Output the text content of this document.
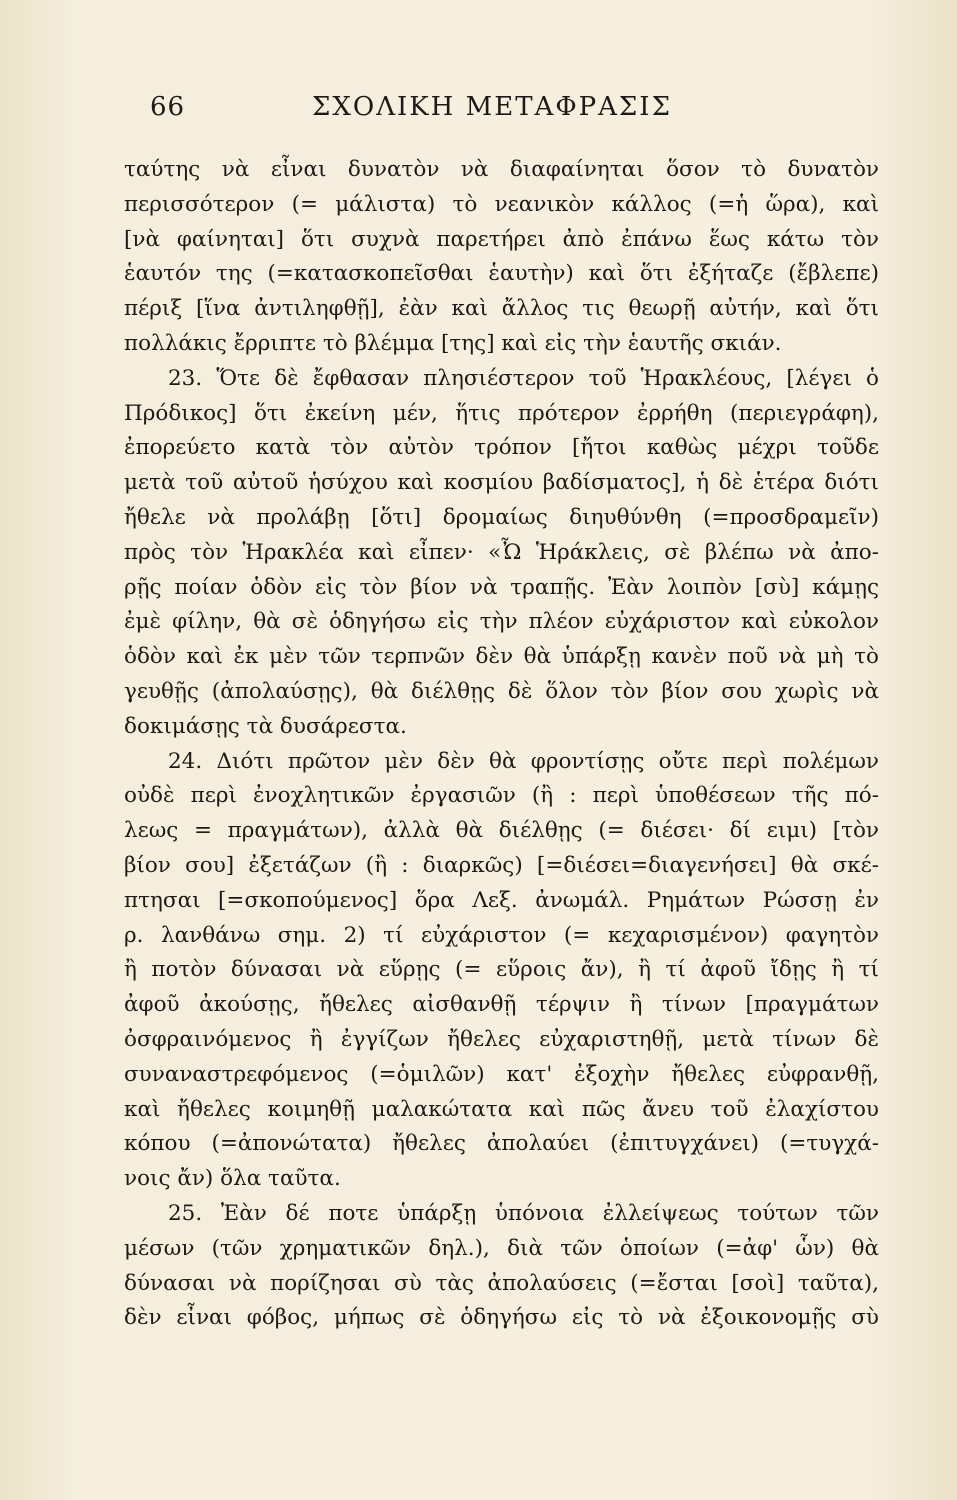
66	ΣΧΟΛΙΚΗ ΜΕΤΑΦΡΑΣΙΣ
ταύτης νὰ εἶναι δυνατὸν νὰ διαφαίνηται ὅσον τὸ δυνατὸν
περισσότερον (= μάλιστα) τὸ νεανικὸν κάλλος (=ἡ ὥρα), καὶ
[νὰ φαίνηται] ὅτι συχνὰ παρετήρει ἀπὸ ἐπάνω ἕως κάτω τὸν
ἑαυτόν της (=κατασκοπεῖσθαι ἑαυτὴν) καὶ ὅτι ἐξήταζε (ἔβλεπε)
πέριξ [ἵνα ἀντιληφθῇ], ἐὰν καὶ ἄλλος τις θεωρῇ αὐτήν, καὶ ὅτι
πολλάκις ἔρριπτε τὸ βλέμμα [της] καὶ εἰς τὴν ἑαυτῆς σκιάν.
23. Ὅτε δὲ ἔφθασαν πλησιέστερον τοῦ Ἡρακλέους, [λέγει ὁ
Πρόδικος] ὅτι ἐκείνη μέν, ἥτις πρότερον ἐρρήθη (περιεγράφη),
ἐπορεύετο κατὰ τὸν αὐτὸν τρόπον [ἤτοι καθὼς μέχρι τοῦδε
μετὰ τοῦ αὐτοῦ ἡσύχου καὶ κοσμίου βαδίσματος], ἡ δὲ ἑτέρα διότι
ἤθελε νὰ προλάβῃ [ὅτι] δρομαίως διηυθύνθη (=προσδραμεῖν)
πρὸς τὸν Ἡρακλέα καὶ εἶπεν· «Ὦ Ἡράκλεις, σὲ βλέπω νὰ ἀπο-
ρῇς ποίαν ὁδὸν εἰς τὸν βίον νὰ τραπῇς. Ἐὰν λοιπὸν [σὺ] κάμῃς
ἐμὲ φίλην, θὰ σὲ ὁδηγήσω εἰς τὴν πλέον εὐχάριστον καὶ εὐκολον
ὁδὸν καὶ ἐκ μὲν τῶν τερπνῶν δὲν θὰ ὑπάρξῃ κανὲν ποῦ νὰ μὴ τὸ
γευθῇς (ἀπολαύσῃς), θὰ διέλθῃς δὲ ὅλον τὸν βίον σου χωρὶς νὰ
δοκιμάσῃς τὰ δυσάρεστα.
24. Διότι πρῶτον μὲν δὲν θὰ φροντίσῃς οὔτε περὶ πολέμων
οὐδὲ περὶ ἐνοχλητικῶν ἐργασιῶν (ἢ : περὶ ὑποθέσεων τῆς πό-
λεως = πραγμάτων), ἀλλὰ θὰ διέλθῃς (= διέσει· δί ειμι) [τὸν
βίον σου] ἐξετάζων (ἢ : διαρκῶς) [=διέσει=διαγενήσει] θὰ σκέ-
πτησαι [=σκοπούμενος] ὅρα Λεξ. ἀνωμάλ. Ρημάτων Ρώσσῃ ἐν
ρ. λανθάνω σημ. 2) τί εὐχάριστον (= κεχαρισμένον) φαγητὸν
ἢ ποτὸν δύνασαι νὰ εὕρῃς (= εὕροις ἄν), ἢ τί ἀφοῦ ἴδῃς ἢ τί
ἀφοῦ ἀκούσῃς, ἤθελες αἰσθανθῇ τέρψιν ἢ τίνων [πραγμάτων
ὀσφραινόμενος ἢ ἐγγίζων ἤθελες εὐχαριστηθῇ, μετὰ τίνων δὲ
συναναστρεφόμενος (=ὁμιλῶν) κατ' ἐξοχὴν ἤθελες εὐφρανθῇ,
καὶ ἤθελες κοιμηθῇ μαλακώτατα καὶ πῶς ἄνευ τοῦ ἐλαχίστου
κόπου (=ἀπονώτατα) ἤθελες ἀπολαύει (ἐπιτυγχάνει) (=τυγχά-
νοις ἄν) ὅλα ταῦτα.
25. Ἐὰν δέ ποτε ὑπάρξῃ ὑπόνοια ἐλλείψεως τούτων τῶν
μέσων (τῶν χρηματικῶν δηλ.), διὰ τῶν ὁποίων (=ἀφ' ὧν) θὰ
δύνασαι νὰ πορίζησαι σὺ τὰς ἀπολαύσεις (=ἔσται [σοὶ] ταῦτα),
δὲν εἶναι φόβος, μήπως σὲ ὁδηγήσω εἰς τὸ νὰ ἐξοικονομῇς σὺ
